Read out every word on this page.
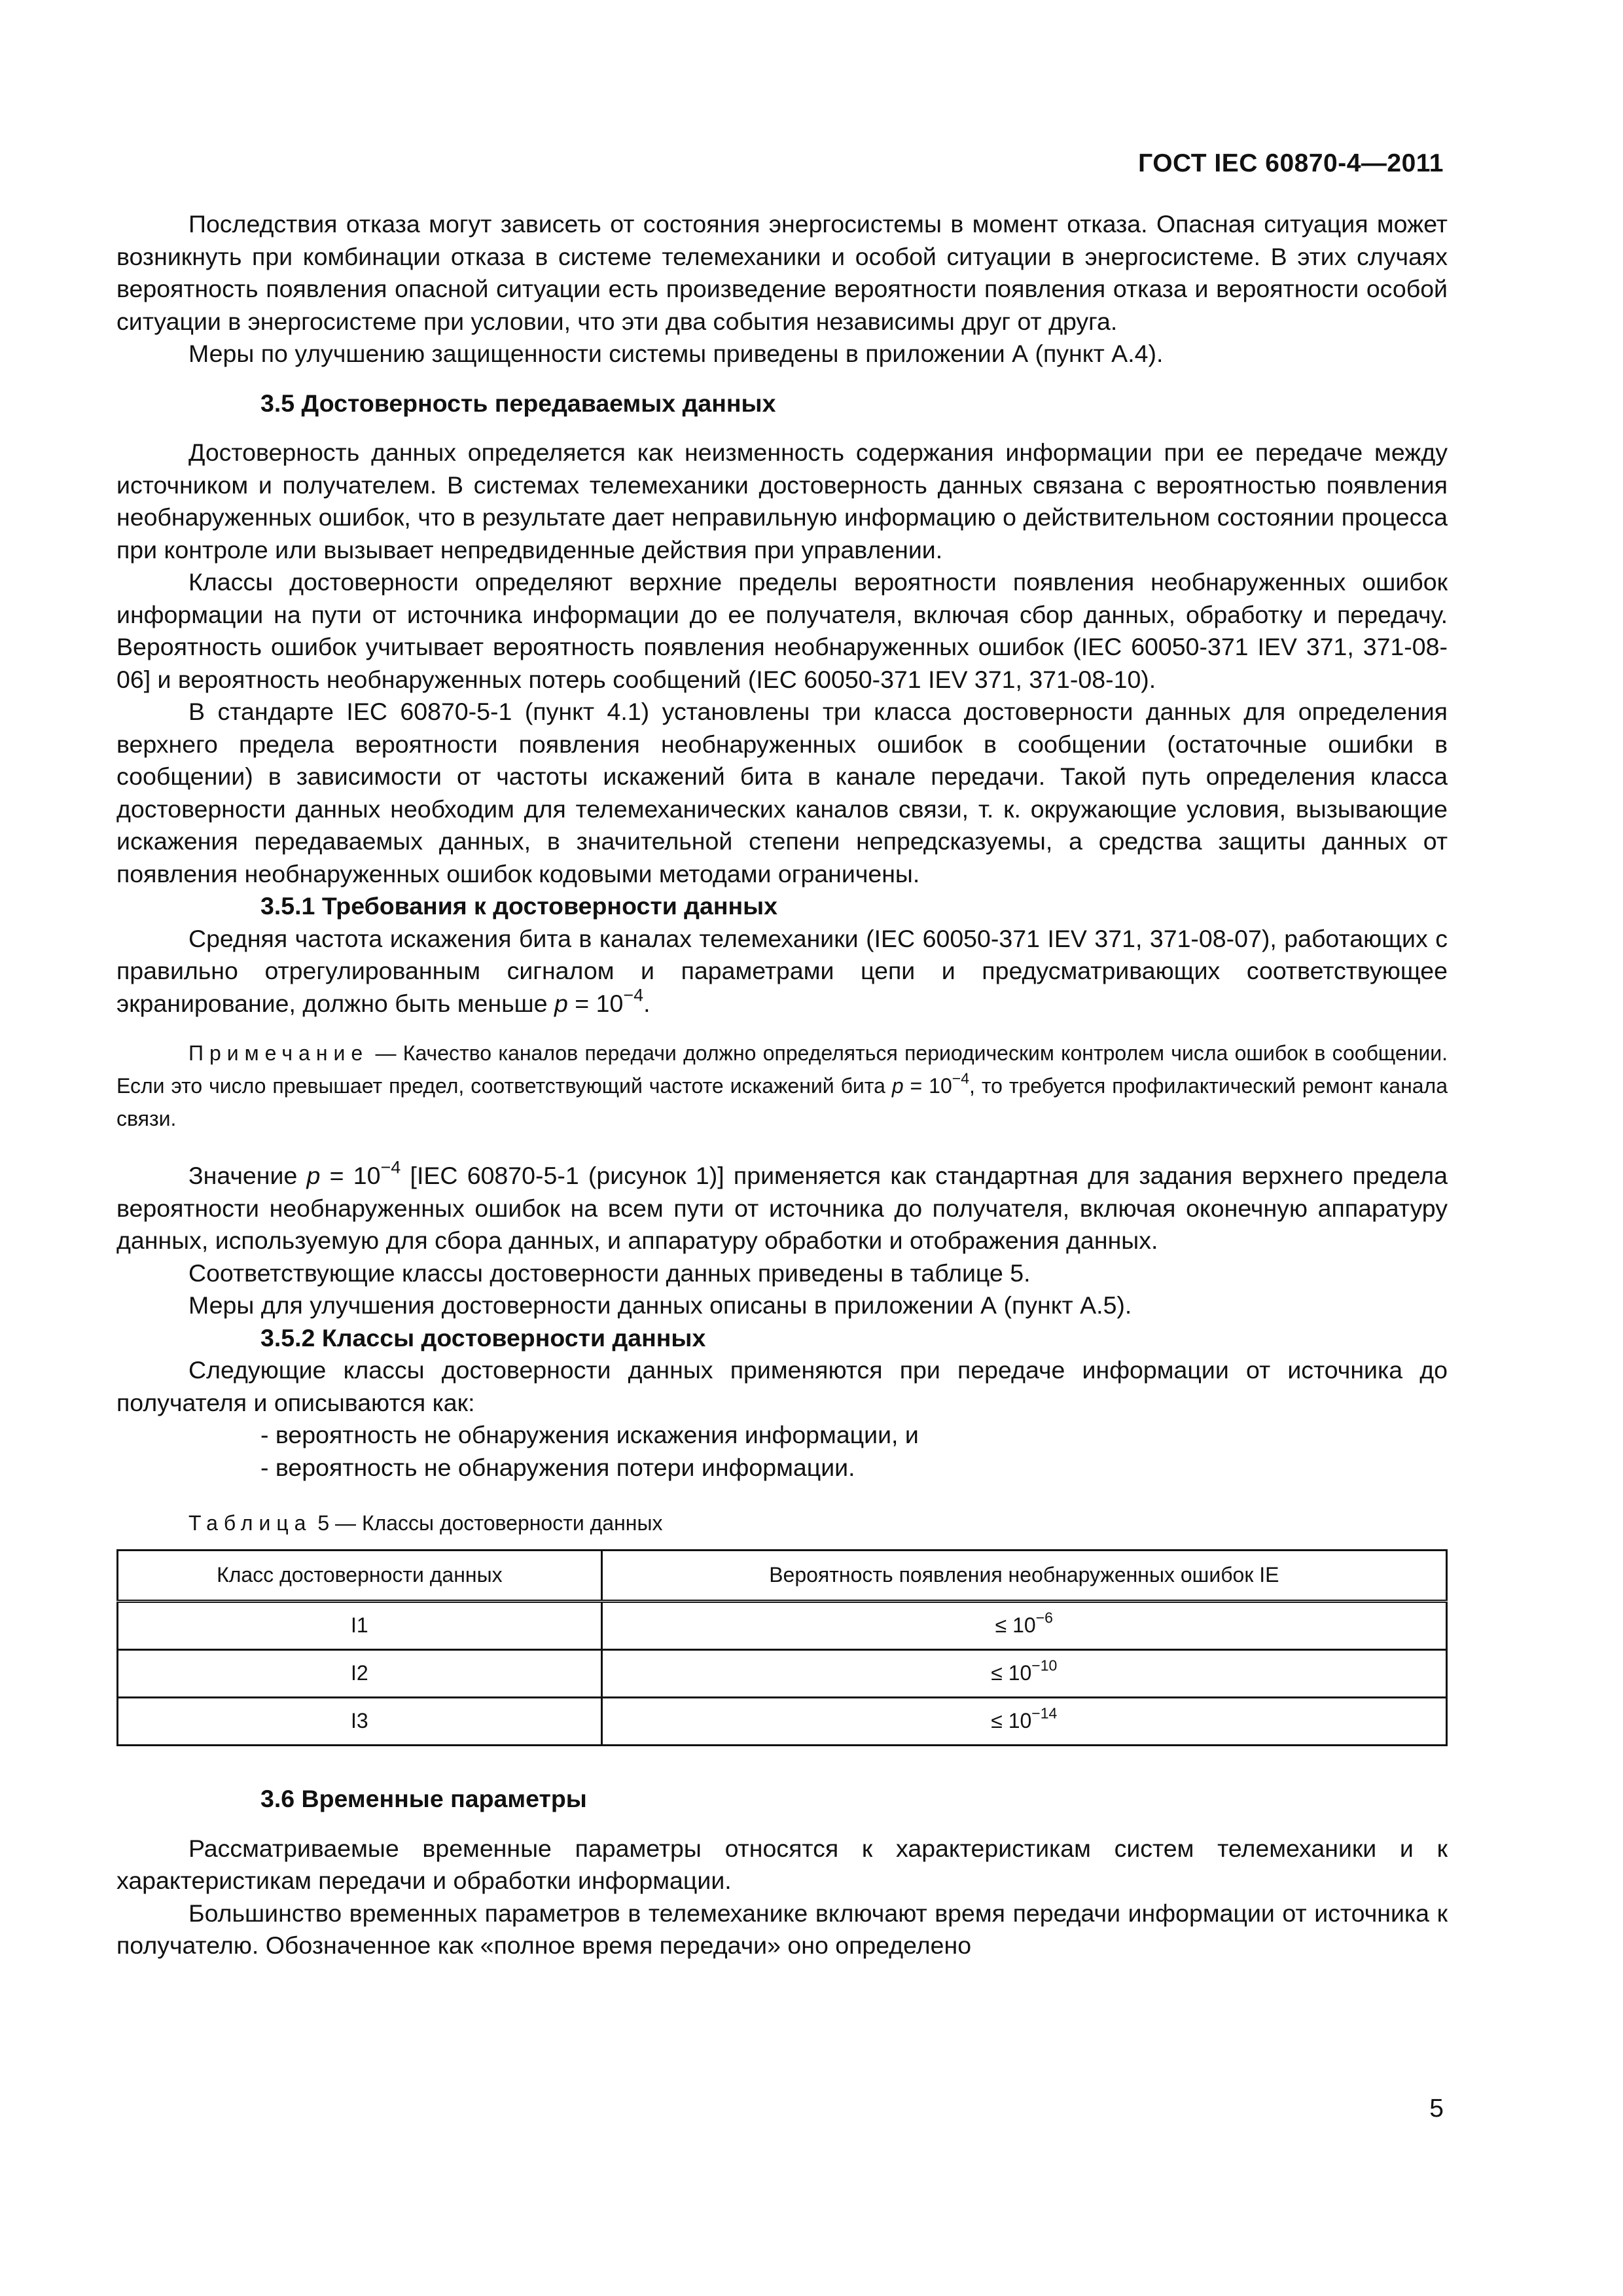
ГОСТ IEC 60870-4—2011

Последствия отказа могут зависеть от состояния энергосистемы в момент отказа. Опасная ситуация может возникнуть при комбинации отказа в системе телемеханики и особой ситуации в энергосистеме. В этих случаях вероятность появления опасной ситуации есть произведение вероятности появления отказа и вероятности особой ситуации в энергосистеме при условии, что эти два события независимы друг от друга.

Меры по улучшению защищенности системы приведены в приложении А (пункт А.4).

3.5 Достоверность передаваемых данных

Достоверность данных определяется как неизменность содержания информации при ее передаче между источником и получателем. В системах телемеханики достоверность данных связана с вероятностью появления необнаруженных ошибок, что в результате дает неправильную информацию о действительном состоянии процесса при контроле или вызывает непредвиденные действия при управлении.

Классы достоверности определяют верхние пределы вероятности появления необнаруженных ошибок информации на пути от источника информации до ее получателя, включая сбор данных, обработку и передачу. Вероятность ошибок учитывает вероятность появления необнаруженных ошибок (IEC 60050-371 IEV 371, 371-08-06] и вероятность необнаруженных потерь сообщений (IEC 60050-371 IEV 371, 371-08-10).

В стандарте IEC 60870-5-1 (пункт 4.1) установлены три класса достоверности данных для определения верхнего предела вероятности появления необнаруженных ошибок в сообщении (остаточные ошибки в сообщении) в зависимости от частоты искажений бита в канале передачи. Такой путь определения класса достоверности данных необходим для телемеханических каналов связи, т. к. окружающие условия, вызывающие искажения передаваемых данных, в значительной степени непредсказуемы, а средства защиты данных от появления необнаруженных ошибок кодовыми методами ограничены.

3.5.1 Требования к достоверности данных

Средняя частота искажения бита в каналах телемеханики (IEC 60050-371 IEV 371, 371-08-07), работающих с правильно отрегулированным сигналом и параметрами цепи и предусматривающих соответствующее экранирование, должно быть меньше $p = 10^{-4}$.

Примечание — Качество каналов передачи должно определяться периодическим контролем числа ошибок в сообщении. Если это число превышает предел, соответствующий частоте искажений бита $p = 10^{-4}$, то требуется профилактический ремонт канала связи.

Значение $p = 10^{-4}$ [IEC 60870-5-1 (рисунок 1)] применяется как стандартная для задания верхнего предела вероятности необнаруженных ошибок на всем пути от источника до получателя, включая оконечную аппаратуру данных, используемую для сбора данных, и аппаратуру обработки и отображения данных.

Соответствующие классы достоверности данных приведены в таблице 5.

Меры для улучшения достоверности данных описаны в приложении А (пункт А.5).

3.5.2 Классы достоверности данных

Следующие классы достоверности данных применяются при передаче информации от источника до получателя и описываются как:

- вероятность не обнаружения искажения информации, и

- вероятность не обнаружения потери информации.

Таблица 5 — Классы достоверности данных

Класс достоверности данных	Вероятность появления необнаруженных ошибок IE
I1	≤ $10^{-6}$
I2	≤ $10^{-10}$
I3	≤ $10^{-14}$

3.6 Временные параметры

Рассматриваемые временные параметры относятся к характеристикам систем телемеханики и к характеристикам передачи и обработки информации.

Большинство временных параметров в телемеханике включают время передачи информации от источника к получателю. Обозначенное как «полное время передачи» оно определено

5
